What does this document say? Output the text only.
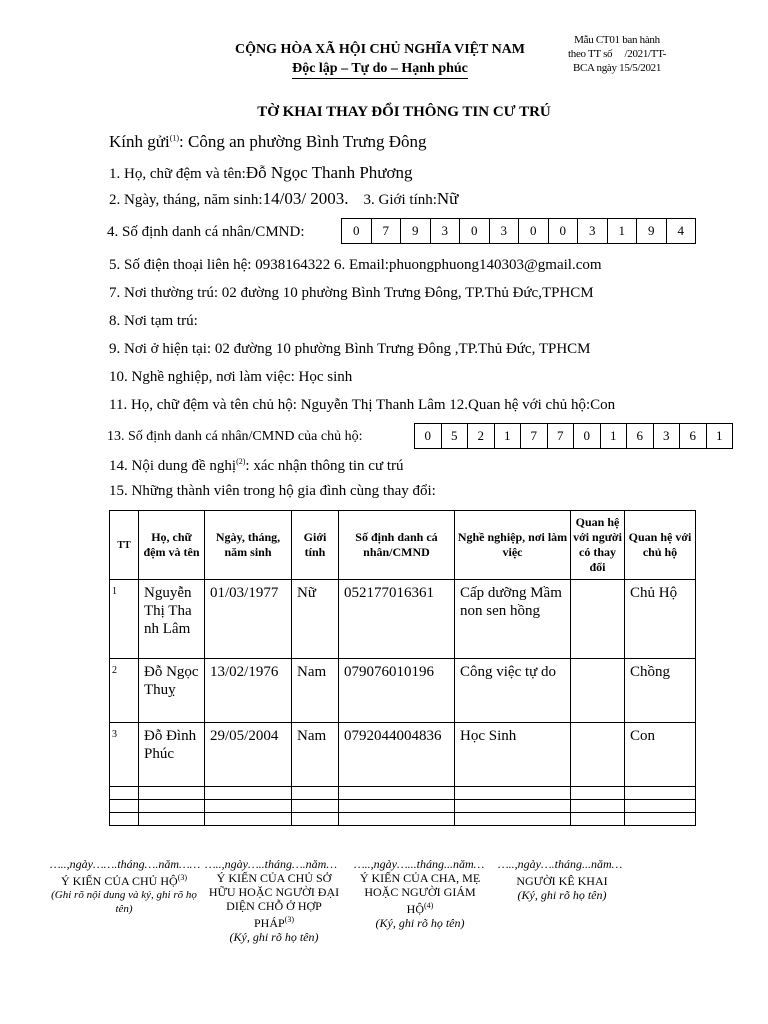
CỘNG HÒA XÃ HỘI CHỦ NGHĨA VIỆT NAM
Độc lập – Tự do – Hạnh phúc
Mẫu CT01 ban hành
theo TT số     /2021/TT-
BCA ngày 15/5/2021
TỜ KHAI THAY ĐỔI THÔNG TIN CƯ TRÚ
Kính gửi$^{(1)}$: Công an phường Bình Trưng Đông
1. Họ, chữ đệm và tên:Đỗ Ngọc Thanh Phương
2. Ngày, tháng, năm sinh:14/03/ 2003. 3. Giới tính:Nữ
4. Số định danh cá nhân/CMND:	0	7	9	3	0	3	0	0	3	1	9	4
5. Số điện thoại liên hệ: 0938164322 6. Email:phuongphuong140303@gmail.com
7. Nơi thường trú: 02 đường 10 phường Bình Trưng Đông, TP.Thủ Đức,TPHCM
8. Nơi tạm trú:
9. Nơi ở hiện tại: 02 đường 10 phường Bình Trưng Đông ,TP.Thủ Đức, TPHCM
10. Nghề nghiệp, nơi làm việc: Học sinh
11. Họ, chữ đệm và tên chủ hộ: Nguyễn Thị Thanh Lâm 12.Quan hệ với chủ hộ:Con
13. Số định danh cá nhân/CMND của chủ hộ:	0	5	2	1	7	7	0	1	6	3	6	1
14. Nội dung đề nghị$^{(2)}$: xác nhận thông tin cư trú
15. Những thành viên trong hộ gia đình cùng thay đổi:
TT	Họ, chữ đệm và tên	Ngày, tháng, năm sinh	Giới tính	Số định danh cá nhân/CMND	Nghề nghiệp, nơi làm việc	Quan hệ với người có thay đổi	Quan hệ với chủ hộ
1	Nguyễn Thị Thanh Lâm	01/03/1977	Nữ	052177016361	Cấp dưỡng Mầm non sen hồng		Chủ Hộ
2	Đỗ Ngọc Thuỵ	13/02/1976	Nam	079076010196	Công việc tự do		Chồng
3	Đỗ Đình Phúc	29/05/2004	Nam	0792044004836	Học Sinh		Con

…..,ngày…….tháng….năm……
Ý KIẾN CỦA CHỦ HỘ$^{(3)}$
(Ghi rõ nội dung và ký, ghi rõ họ tên)
…..,ngày…..tháng….năm…
Ý KIẾN CỦA CHỦ SỞ HỮU HOẶC NGƯỜI ĐẠI DIỆN CHỖ Ở HỢP PHÁP$^{(3)}$
(Ký, ghi rõ họ tên)
…..,ngày…...tháng...năm…
Ý KIẾN CỦA CHA, MẸ HOẶC NGƯỜI GIÁM HỘ$^{(4)}$
(Ký, ghi rõ họ tên)
…..,ngày….tháng...năm…
NGƯỜI KÊ KHAI
(Ký, ghi rõ họ tên)
